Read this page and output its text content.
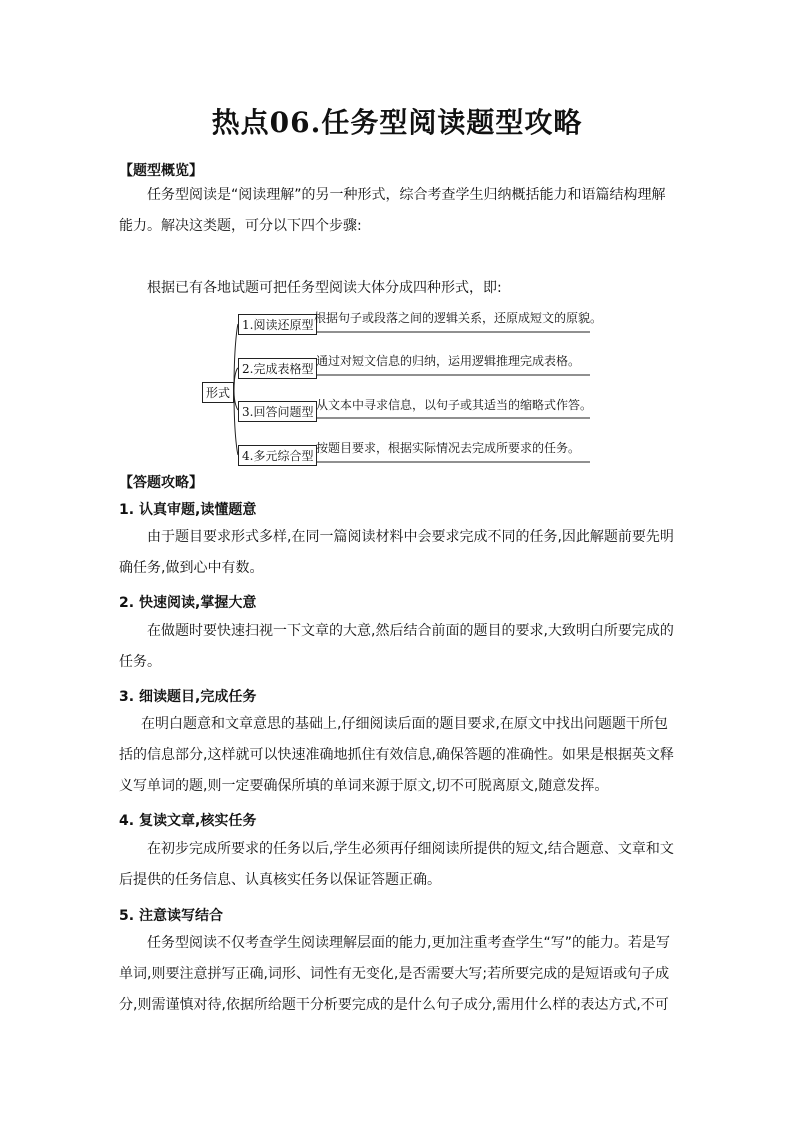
热点06.任务型阅读题型攻略
【题型概览】
任务型阅读是“阅读理解”的另一种形式，综合考查学生归纳概括能力和语篇结构理解能力。解决这类题，可分以下四个步骤:
根据已有各地试题可把任务型阅读大体分成四种形式，即:
形式
1.阅读还原型 根据句子或段落之间的逻辑关系，还原成短文的原貌。
2.完成表格型
通过对短文信息的归纳，运用逻辑推理完成表格。
3.回答问题型 从文本中寻求信息，以句子或其适当的缩略式作答。
4.多元综合型
按题目要求，根据实际情况去完成所要求的任务。
【答题攻略】
1. 认真审题,读懂题意
由于题目要求形式多样,在同一篇阅读材料中会要求完成不同的任务,因此解题前要先明确任务,做到心中有数。
2. 快速阅读,掌握大意
在做题时要快速扫视一下文章的大意,然后结合前面的题目的要求,大致明白所要完成的任务。
3. 细读题目,完成任务
在明白题意和文章意思的基础上,仔细阅读后面的题目要求,在原文中找出问题题干所包括的信息部分,这样就可以快速准确地抓住有效信息,确保答题的准确性。如果是根据英文释义写单词的题,则一定要确保所填的单词来源于原文,切不可脱离原文,随意发挥。
4. 复读文章,核实任务
在初步完成所要求的任务以后,学生必须再仔细阅读所提供的短文,结合题意、文章和文后提供的任务信息、认真核实任务以保证答题正确。
5. 注意读写结合
任务型阅读不仅考查学生阅读理解层面的能力,更加注重考查学生“写”的能力。若是写单词,则要注意拼写正确,词形、词性有无变化,是否需要大写;若所要完成的是短语或句子成分,则需谨慎对待,依据所给题干分析要完成的是什么句子成分,需用什么样的表达方式,不可
